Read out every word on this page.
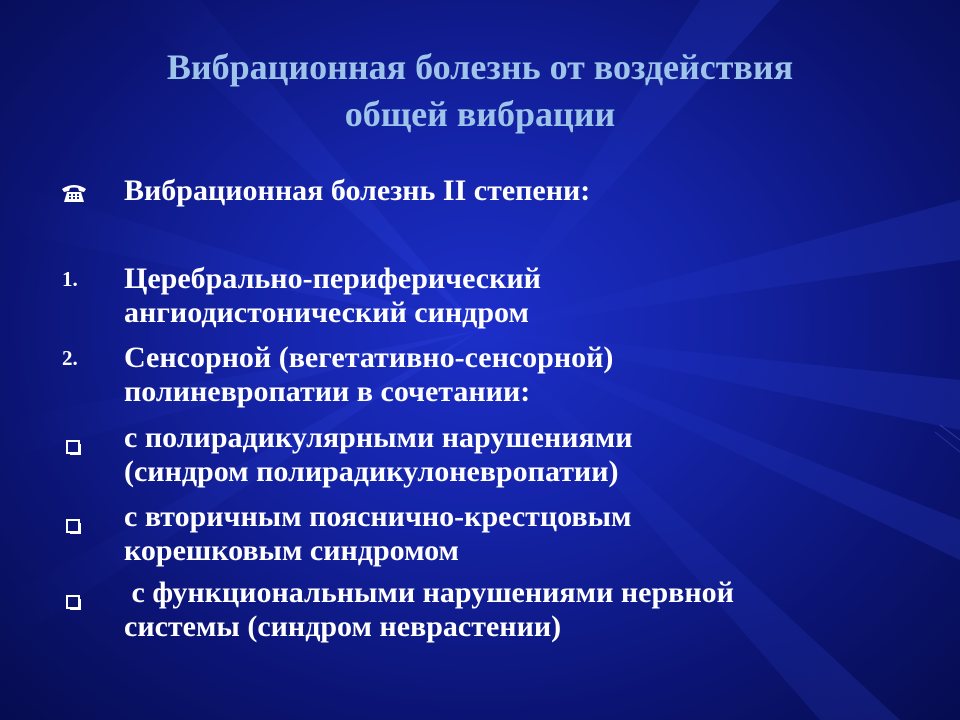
Вибрационная болезнь от воздействия
общей вибрации
Вибрационная болезнь II степени:
1. Церебрально-периферический
ангиодистонический синдром
2. Сенсорной (вегетативно-сенсорной)
полиневропатии в сочетании:
с полирадикулярными нарушениями
(синдром полирадикулоневропатии)
с вторичным пояснично-крестцовым
корешковым синдромом
с функциональными нарушениями нервной
системы (синдром неврастении)
